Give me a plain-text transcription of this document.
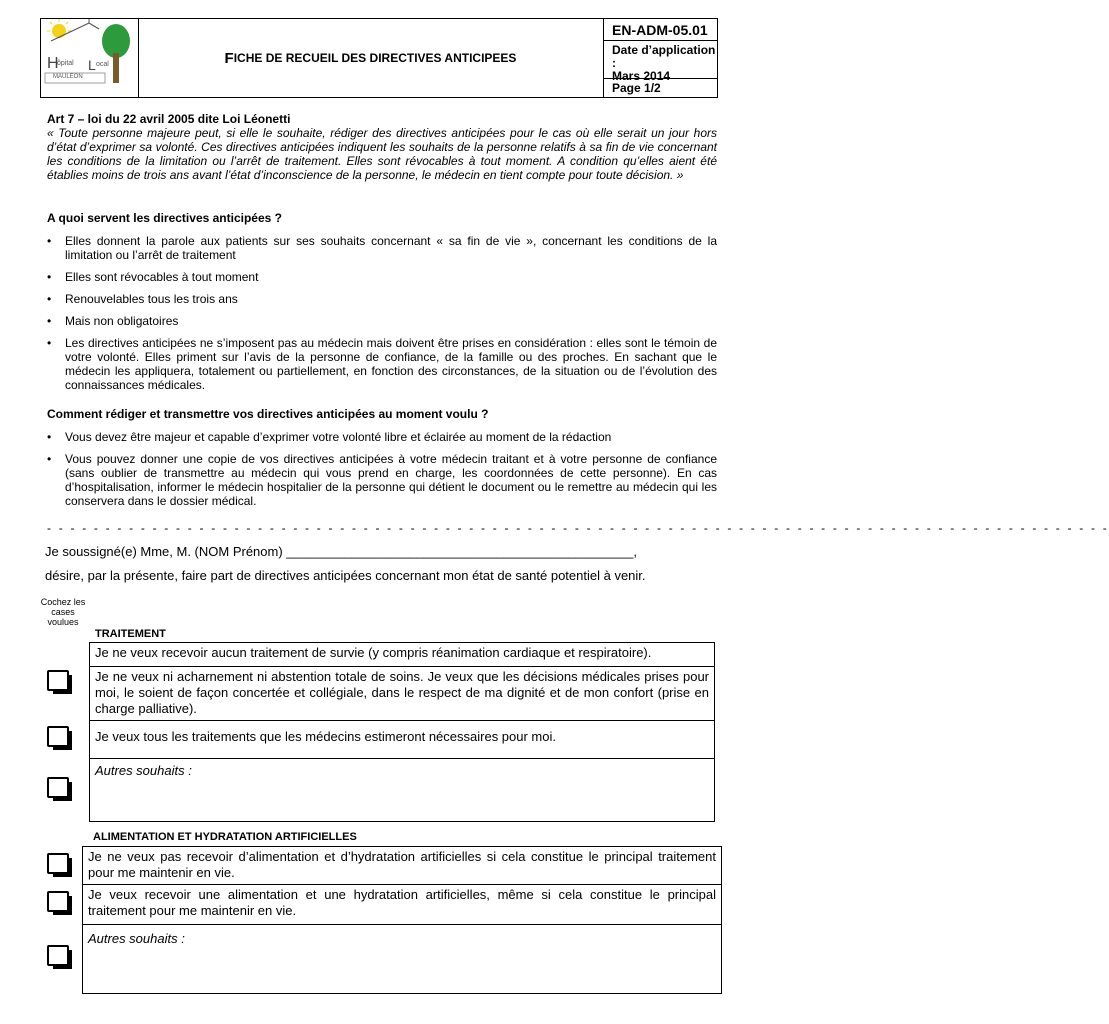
H
ôpital L ocal
MAULEON
F ICHE DE RECUEIL DES DIRECTIVES ANTICIPEES
EN-ADM-05.01
Date d’application :
Mars 2014
Page 1/2
Art 7 – loi du 22 avril 2005 dite Loi Léonetti
« Toute personne majeure peut, si elle le souhaite, rédiger des directives anticipées pour le cas où elle serait un jour hors d’état d’exprimer sa volonté. Ces directives anticipées indiquent les souhaits de la personne relatifs à sa fin de vie concernant les conditions de la limitation ou l’arrêt de traitement. Elles sont révocables à tout moment. A condition qu’elles aient été établies moins de trois ans avant l’état d’inconscience de la personne, le médecin en tient compte pour toute décision. »
A quoi servent les directives anticipées ?
• Elles donnent la parole aux patients sur ses souhaits concernant « sa fin de vie », concernant les conditions de la limitation ou l’arrêt de traitement
• Elles sont révocables à tout moment
• Renouvelables tous les trois ans
• Mais non obligatoires
• Les directives anticipées ne s’imposent pas au médecin mais doivent être prises en considération : elles sont le témoin de votre volonté. Elles priment sur l’avis de la personne de confiance, de la famille ou des proches. En sachant que le médecin les appliquera, totalement ou partiellement, en fonction des circonstances, de la situation ou de l’évolution des connaissances médicales.
Comment rédiger et transmettre vos directives anticipées au moment voulu ?
• Vous devez être majeur et capable d’exprimer votre volonté libre et éclairée au moment de la rédaction
• Vous pouvez donner une copie de vos directives anticipées à votre médecin traitant et à votre personne de confiance (sans oublier de transmettre au médecin qui vous prend en charge, les coordonnées de cette personne). En cas d’hospitalisation, informer le médecin hospitalier de la personne qui détient le document ou le remettre au médecin qui les conservera dans le dossier médical.
- - - - - - - - - - - - - - - - - - - - - - - - - - - - - - - - - - - - - - - - - - - - - - - - - - - - - - - - - - - - - - - - - - - - - - - - - - - - - - - - - - - - - - - - - - -
Je soussigné(e) Mme, M. (NOM Prénom) ________________________________________________,
désire, par la présente, faire part de directives anticipées concernant mon état de santé potentiel à venir.
Cochez les cases voulues
TRAITEMENT
Je ne veux recevoir aucun traitement de survie (y compris réanimation cardiaque et respiratoire).
Je ne veux ni acharnement ni abstention totale de soins. Je veux que les décisions médicales prises pour moi, le soient de façon concertée et collégiale, dans le respect de ma dignité et de mon confort (prise en charge palliative).
Je veux tous les traitements que les médecins estimeront nécessaires pour moi.
Autres souhaits :
ALIMENTATION ET HYDRATATION ARTIFICIELLES
Je ne veux pas recevoir d’alimentation et d’hydratation artificielles si cela constitue le principal traitement pour me maintenir en vie.
Je veux recevoir une alimentation et une hydratation artificielles, même si cela constitue le principal traitement pour me maintenir en vie.
Autres souhaits :
